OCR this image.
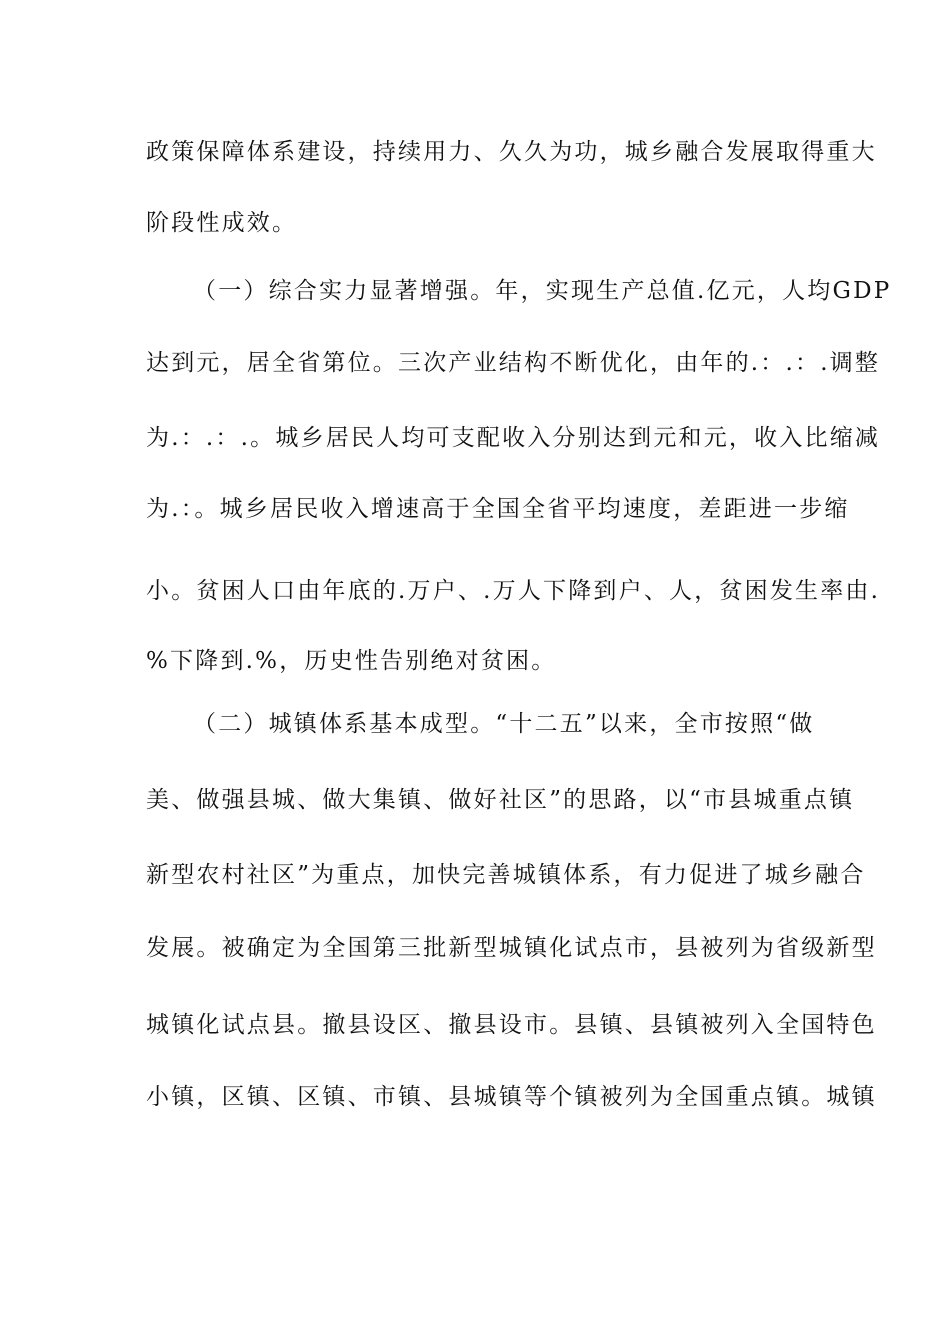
政策保障体系建设，持续用力、久久为功，城乡融合发展取得重大
阶段性成效。
（一）综合实力显著增强。年，实现生产总值.亿元，人均GDP
达到元，居全省第位。三次产业结构不断优化，由年的.：.：.调整
为.：.：.。城乡居民人均可支配收入分别达到元和元，收入比缩减
为.：。城乡居民收入增速高于全国全省平均速度，差距进一步缩
小。贫困人口由年底的.万户、.万人下降到户、人，贫困发生率由.
%下降到.%，历史性告别绝对贫困。
（二）城镇体系基本成型。“十二五”以来，全市按照“做
美、做强县城、做大集镇、做好社区”的思路，以“市县城重点镇
新型农村社区”为重点，加快完善城镇体系，有力促进了城乡融合
发展。被确定为全国第三批新型城镇化试点市，县被列为省级新型
城镇化试点县。撤县设区、撤县设市。县镇、县镇被列入全国特色
小镇，区镇、区镇、市镇、县城镇等个镇被列为全国重点镇。城镇
